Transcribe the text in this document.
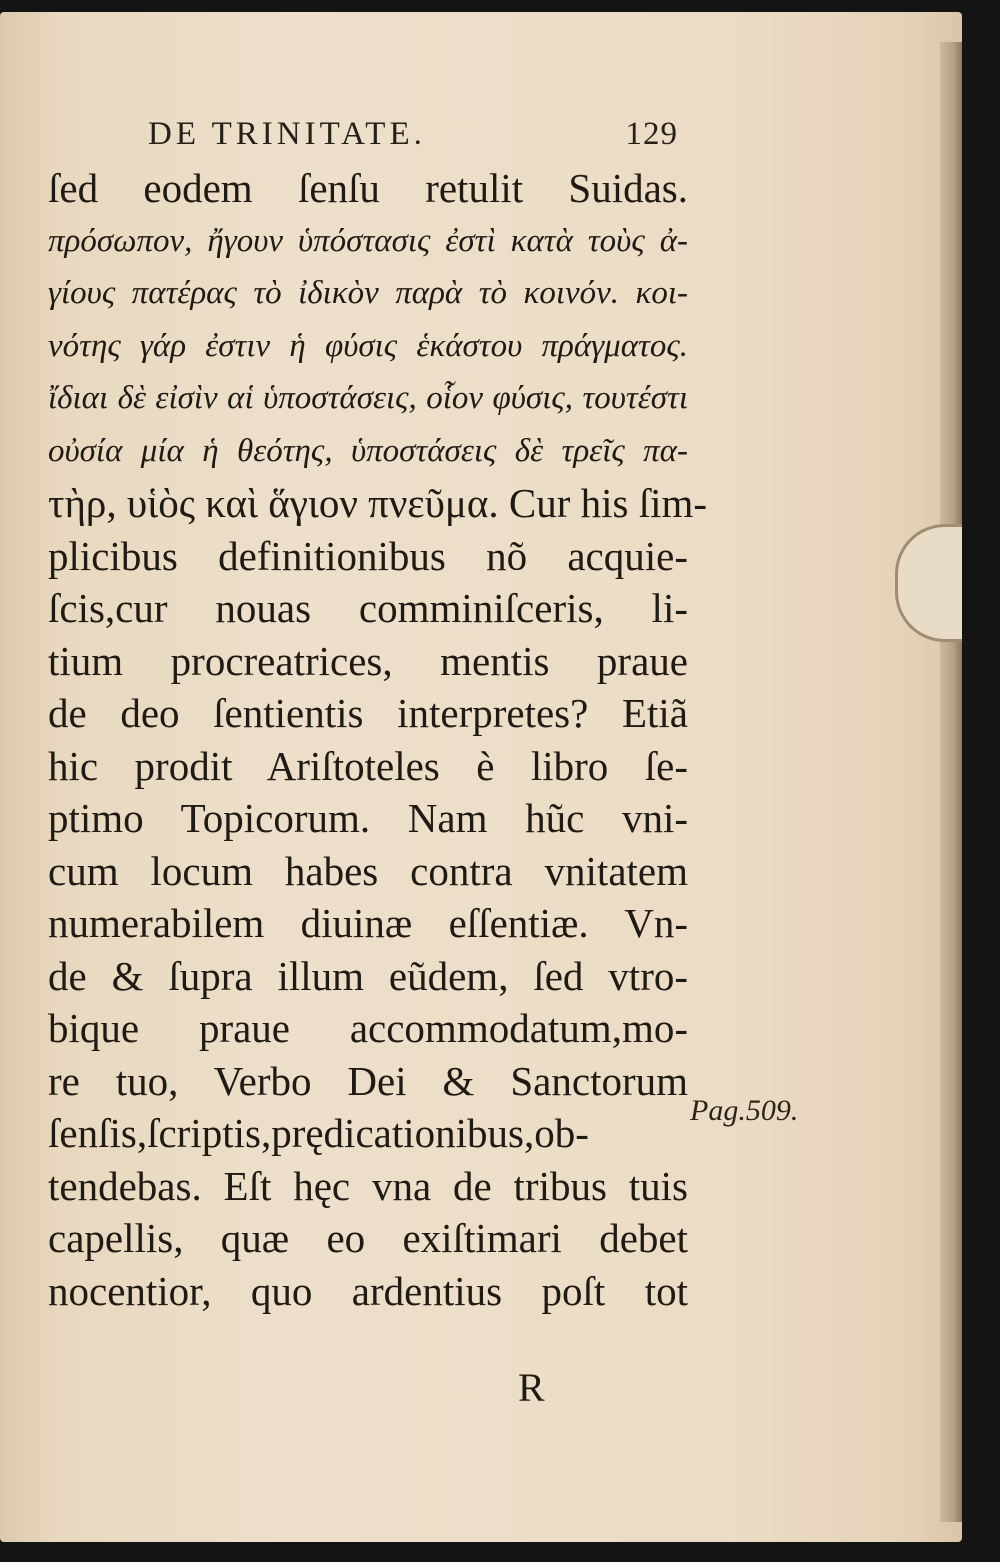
DE TRINITATE.	129
ſed eodem ſenſu retulit Suidas.
πρόσωπον, ἤγουν ὑπόστασις ἐστὶ κατὰ τοὺς ἀ-
γίους πατέρας τὸ ἰδικὸν παρὰ τὸ κοινόν. κοι-
νότης γάρ ἐστιν ἡ φύσις ἑκάστου πράγματος.
ἴδιαι δὲ εἰσὶν αἱ ὑποστάσεις, οἷον φύσις, τουτέστι
οὐσία μία ἡ θεότης, ὑποστάσεις δὲ τρεῖς πα-
τὴρ, υἱὸς καὶ ἅγιον πνεῦμα. Cur his ſim-
plicibus definitionibus nõ acquie-
ſcis,cur nouas comminiſceris, li-
tium procreatrices, mentis praue
de deo ſentientis interpretes? Etiã
hic prodit Ariſtoteles è libro ſe-
ptimo Topicorum. Nam hũc vni-
cum locum habes contra vnitatem
numerabilem diuinæ eſſentiæ. Vn-
de & ſupra illum eũdem, ſed vtro-
bique praue accommodatum,mo-
re tuo, Verbo Dei & Sanctorum
ſenſis,ſcriptis,prędicationibus,ob-
tendebas. Eſt hęc vna de tribus tuis
capellis, quæ eo exiſtimari debet
nocentior, quo ardentius poſt tot
Pag.509.
R
